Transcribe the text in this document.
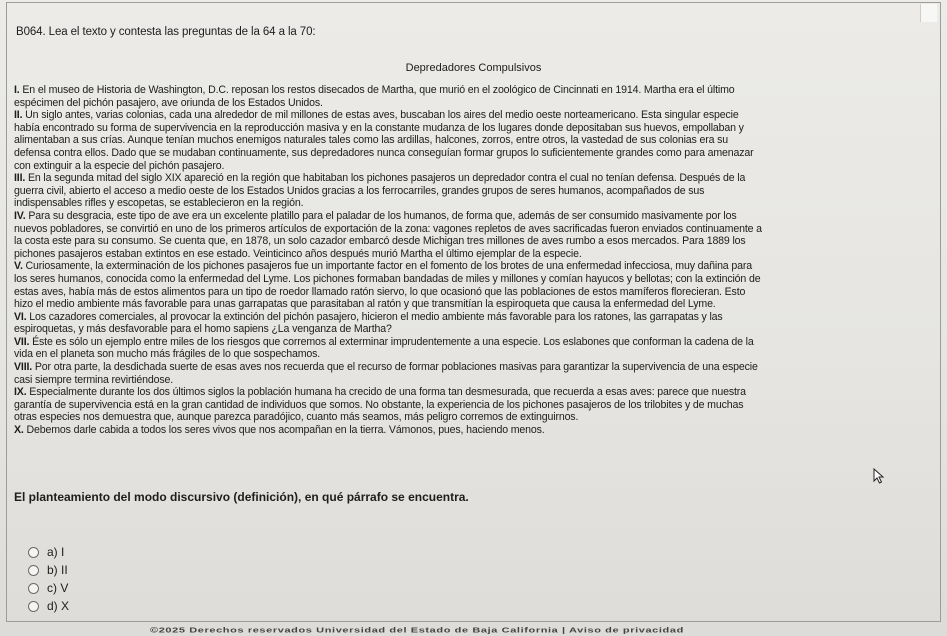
B064. Lea el texto y contesta las preguntas de la 64 a la 70:
Depredadores Compulsivos

I. En el museo de Historia de Washington, D.C. reposan los restos disecados de Martha, que murió en el zoológico de Cincinnati en 1914. Martha era el último

espécimen del pichón pasajero, ave oriunda de los Estados Unidos.

II. Un siglo antes, varias colonias, cada una alrededor de mil millones de estas aves, buscaban los aires del medio oeste norteamericano. Esta singular especie

había encontrado su forma de supervivencia en la reproducción masiva y en la constante mudanza de los lugares donde depositaban sus huevos, empollaban y

alimentaban a sus crías. Aunque tenían muchos enemigos naturales tales como las ardillas, halcones, zorros, entre otros, la vastedad de sus colonias era su

defensa contra ellos. Dado que se mudaban continuamente, sus depredadores nunca conseguían formar grupos lo suficientemente grandes como para amenazar

con extinguir a la especie del pichón pasajero.

III. En la segunda mitad del siglo XIX apareció en la región que habitaban los pichones pasajeros un depredador contra el cual no tenían defensa. Después de la

guerra civil, abierto el acceso a medio oeste de los Estados Unidos gracias a los ferrocarriles, grandes grupos de seres humanos, acompañados de sus

indispensables rifles y escopetas, se establecieron en la región.

IV. Para su desgracia, este tipo de ave era un excelente platillo para el paladar de los humanos, de forma que, además de ser consumido masivamente por los

nuevos pobladores, se convirtió en uno de los primeros artículos de exportación de la zona: vagones repletos de aves sacrificadas fueron enviados continuamente a

la costa este para su consumo. Se cuenta que, en 1878, un solo cazador embarcó desde Michigan tres millones de aves rumbo a esos mercados. Para 1889 los

pichones pasajeros estaban extintos en ese estado. Veinticinco años después murió Martha el último ejemplar de la especie.

V. Curiosamente, la exterminación de los pichones pasajeros fue un importante factor en el fomento de los brotes de una enfermedad infecciosa, muy dañina para

los seres humanos, conocida como la enfermedad del Lyme. Los pichones formaban bandadas de miles y millones y comían hayucos y bellotas; con la extinción de

estas aves, había más de estos alimentos para un tipo de roedor llamado ratón siervo, lo que ocasionó que las poblaciones de estos mamíferos florecieran. Esto

hizo el medio ambiente más favorable para unas garrapatas que parasitaban al ratón y que transmitían la espiroqueta que causa la enfermedad del Lyme.

VI. Los cazadores comerciales, al provocar la extinción del pichón pasajero, hicieron el medio ambiente más favorable para los ratones, las garrapatas y las

espiroquetas, y más desfavorable para el homo sapiens ¿La venganza de Martha?

VII. Éste es sólo un ejemplo entre miles de los riesgos que corremos al exterminar imprudentemente a una especie. Los eslabones que conforman la cadena de la

vida en el planeta son mucho más frágiles de lo que sospechamos.

VIII. Por otra parte, la desdichada suerte de esas aves nos recuerda que el recurso de formar poblaciones masivas para garantizar la supervivencia de una especie

casi siempre termina revirtiéndose.

IX. Especialmente durante los dos últimos siglos la población humana ha crecido de una forma tan desmesurada, que recuerda a esas aves: parece que nuestra

garantía de supervivencia está en la gran cantidad de individuos que somos. No obstante, la experiencia de los pichones pasajeros de los trilobites y de muchas

otras especies nos demuestra que, aunque parezca paradójico, cuanto más seamos, más peligro corremos de extinguirnos.

X. Debemos darle cabida a todos los seres vivos que nos acompañan en la tierra. Vámonos, pues, haciendo menos.

El planteamiento del modo discursivo (definición), en qué párrafo se encuentra.
a) I
b) II
c) V
d) X
©2025 Derechos reservados Universidad del Estado de Baja California | Aviso de privacidad
